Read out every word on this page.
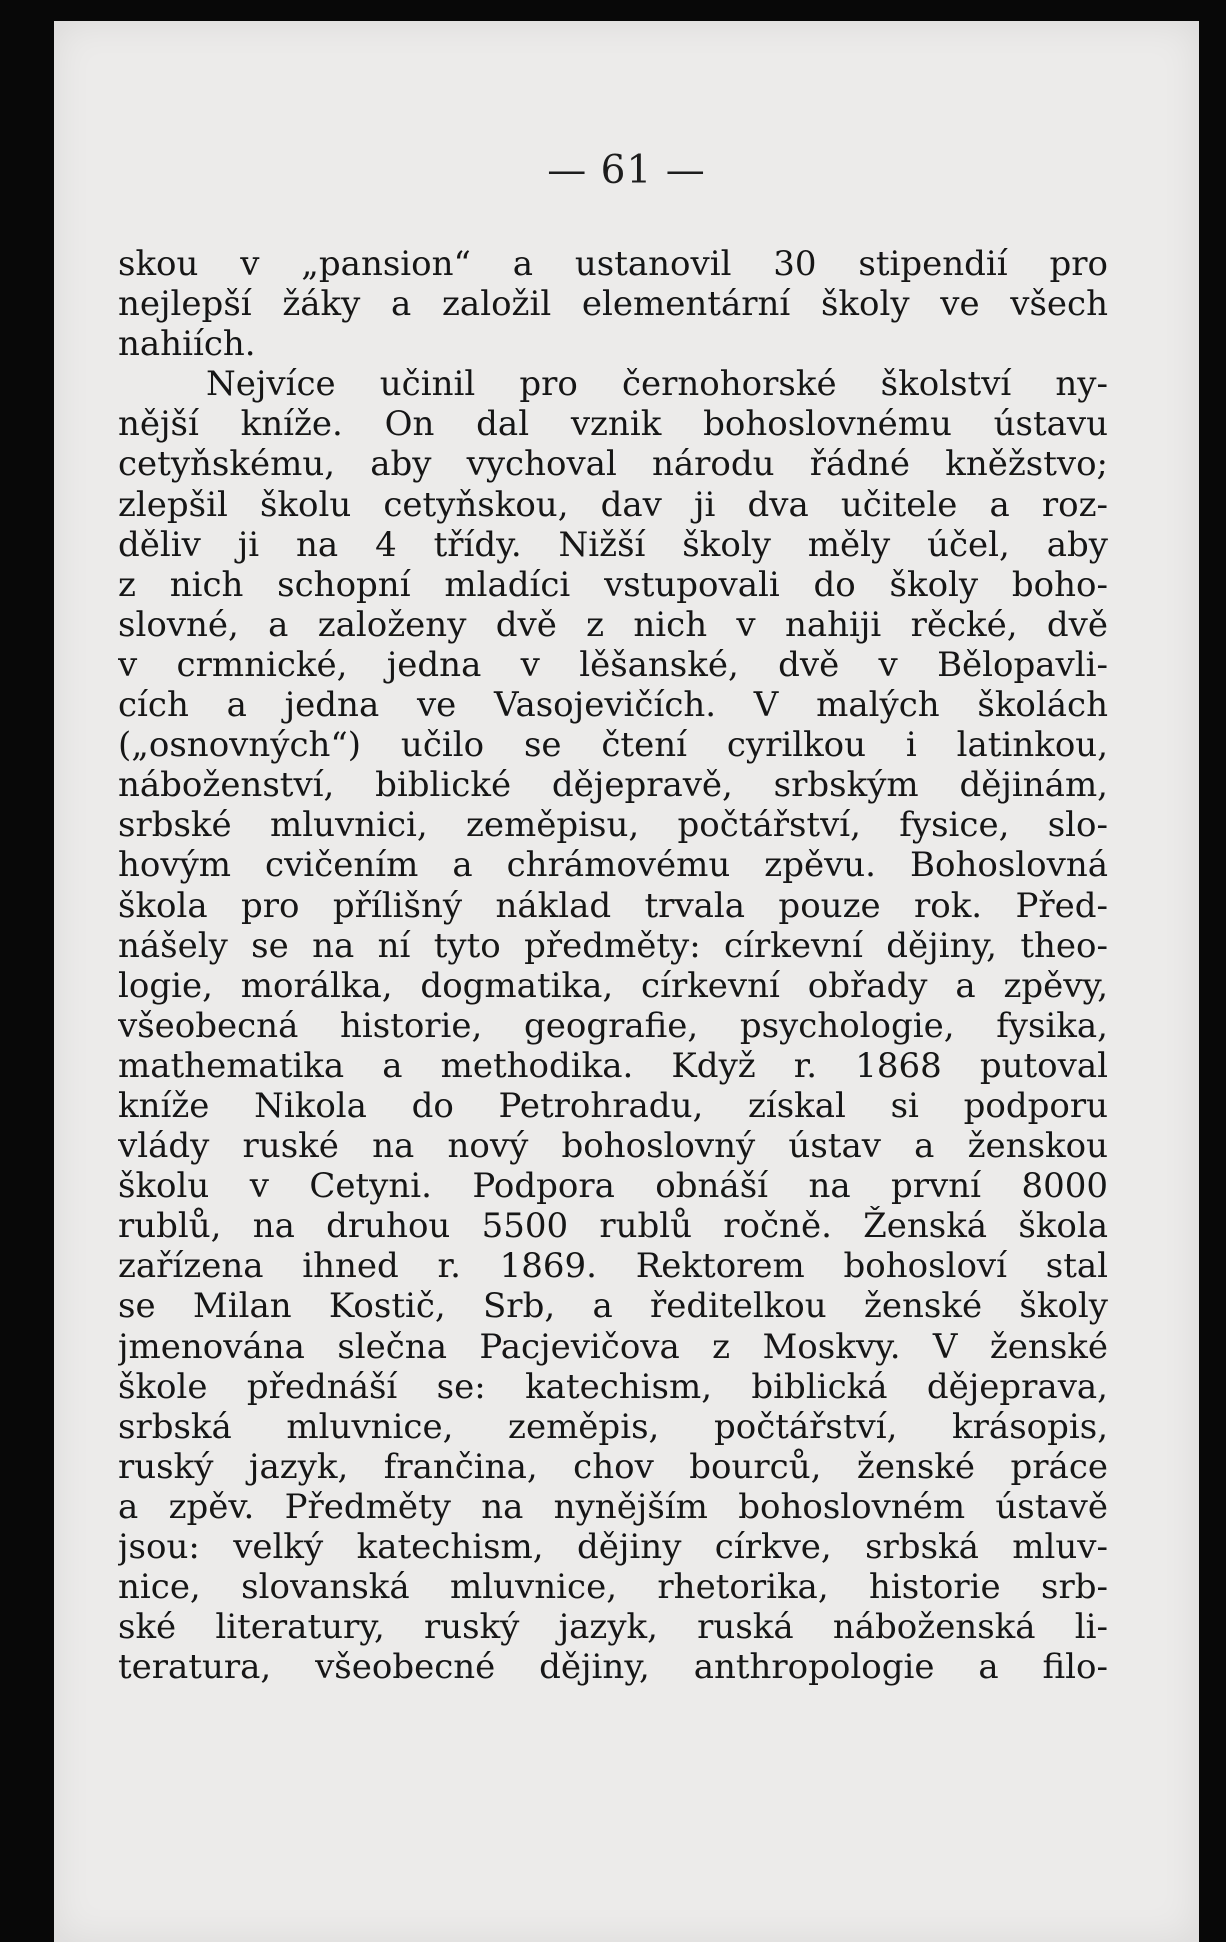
— 61 —
skou v „pansion“ a ustanovil 30 stipendií pro
nejlepší žáky a založil elementární školy ve všech
nahiích.
Nejvíce učinil pro černohorské školství ny-
nější kníže. On dal vznik bohoslovnému ústavu
cetyňskému, aby vychoval národu řádné kněžstvo;
zlepšil školu cetyňskou, dav ji dva učitele a roz-
děliv ji na 4 třídy. Nižší školy měly účel, aby
z nich schopní mladíci vstupovali do školy boho-
slovné, a založeny dvě z nich v nahiji rěcké, dvě
v crmnické, jedna v lěšanské, dvě v Bělopavli-
cích a jedna ve Vasojevičích. V malých školách
(„osnovných“) učilo se čtení cyrilkou i latinkou,
náboženství, biblické dějepravě, srbským dějinám,
srbské mluvnici, zeměpisu, počtářství, fysice, slo-
hovým cvičením a chrámovému zpěvu. Bohoslovná
škola pro přílišný náklad trvala pouze rok. Před-
nášely se na ní tyto předměty: církevní dějiny, theo-
logie, morálka, dogmatika, církevní obřady a zpěvy,
všeobecná historie, geografie, psychologie, fysika,
mathematika a methodika. Když r. 1868 putoval
kníže Nikola do Petrohradu, získal si podporu
vlády ruské na nový bohoslovný ústav a ženskou
školu v Cetyni. Podpora obnáší na první 8000
rublů, na druhou 5500 rublů ročně. Ženská škola
zařízena ihned r. 1869. Rektorem bohosloví stal
se Milan Kostič, Srb, a ředitelkou ženské školy
jmenována slečna Pacjevičova z Moskvy. V ženské
škole přednáší se: katechism, biblická dějeprava,
srbská mluvnice, zeměpis, počtářství, krásopis,
ruský jazyk, frančina, chov bourců, ženské práce
a zpěv. Předměty na nynějším bohoslovném ústavě
jsou: velký katechism, dějiny církve, srbská mluv-
nice, slovanská mluvnice, rhetorika, historie srb-
ské literatury, ruský jazyk, ruská náboženská li-
teratura, všeobecné dějiny, anthropologie a filo-
